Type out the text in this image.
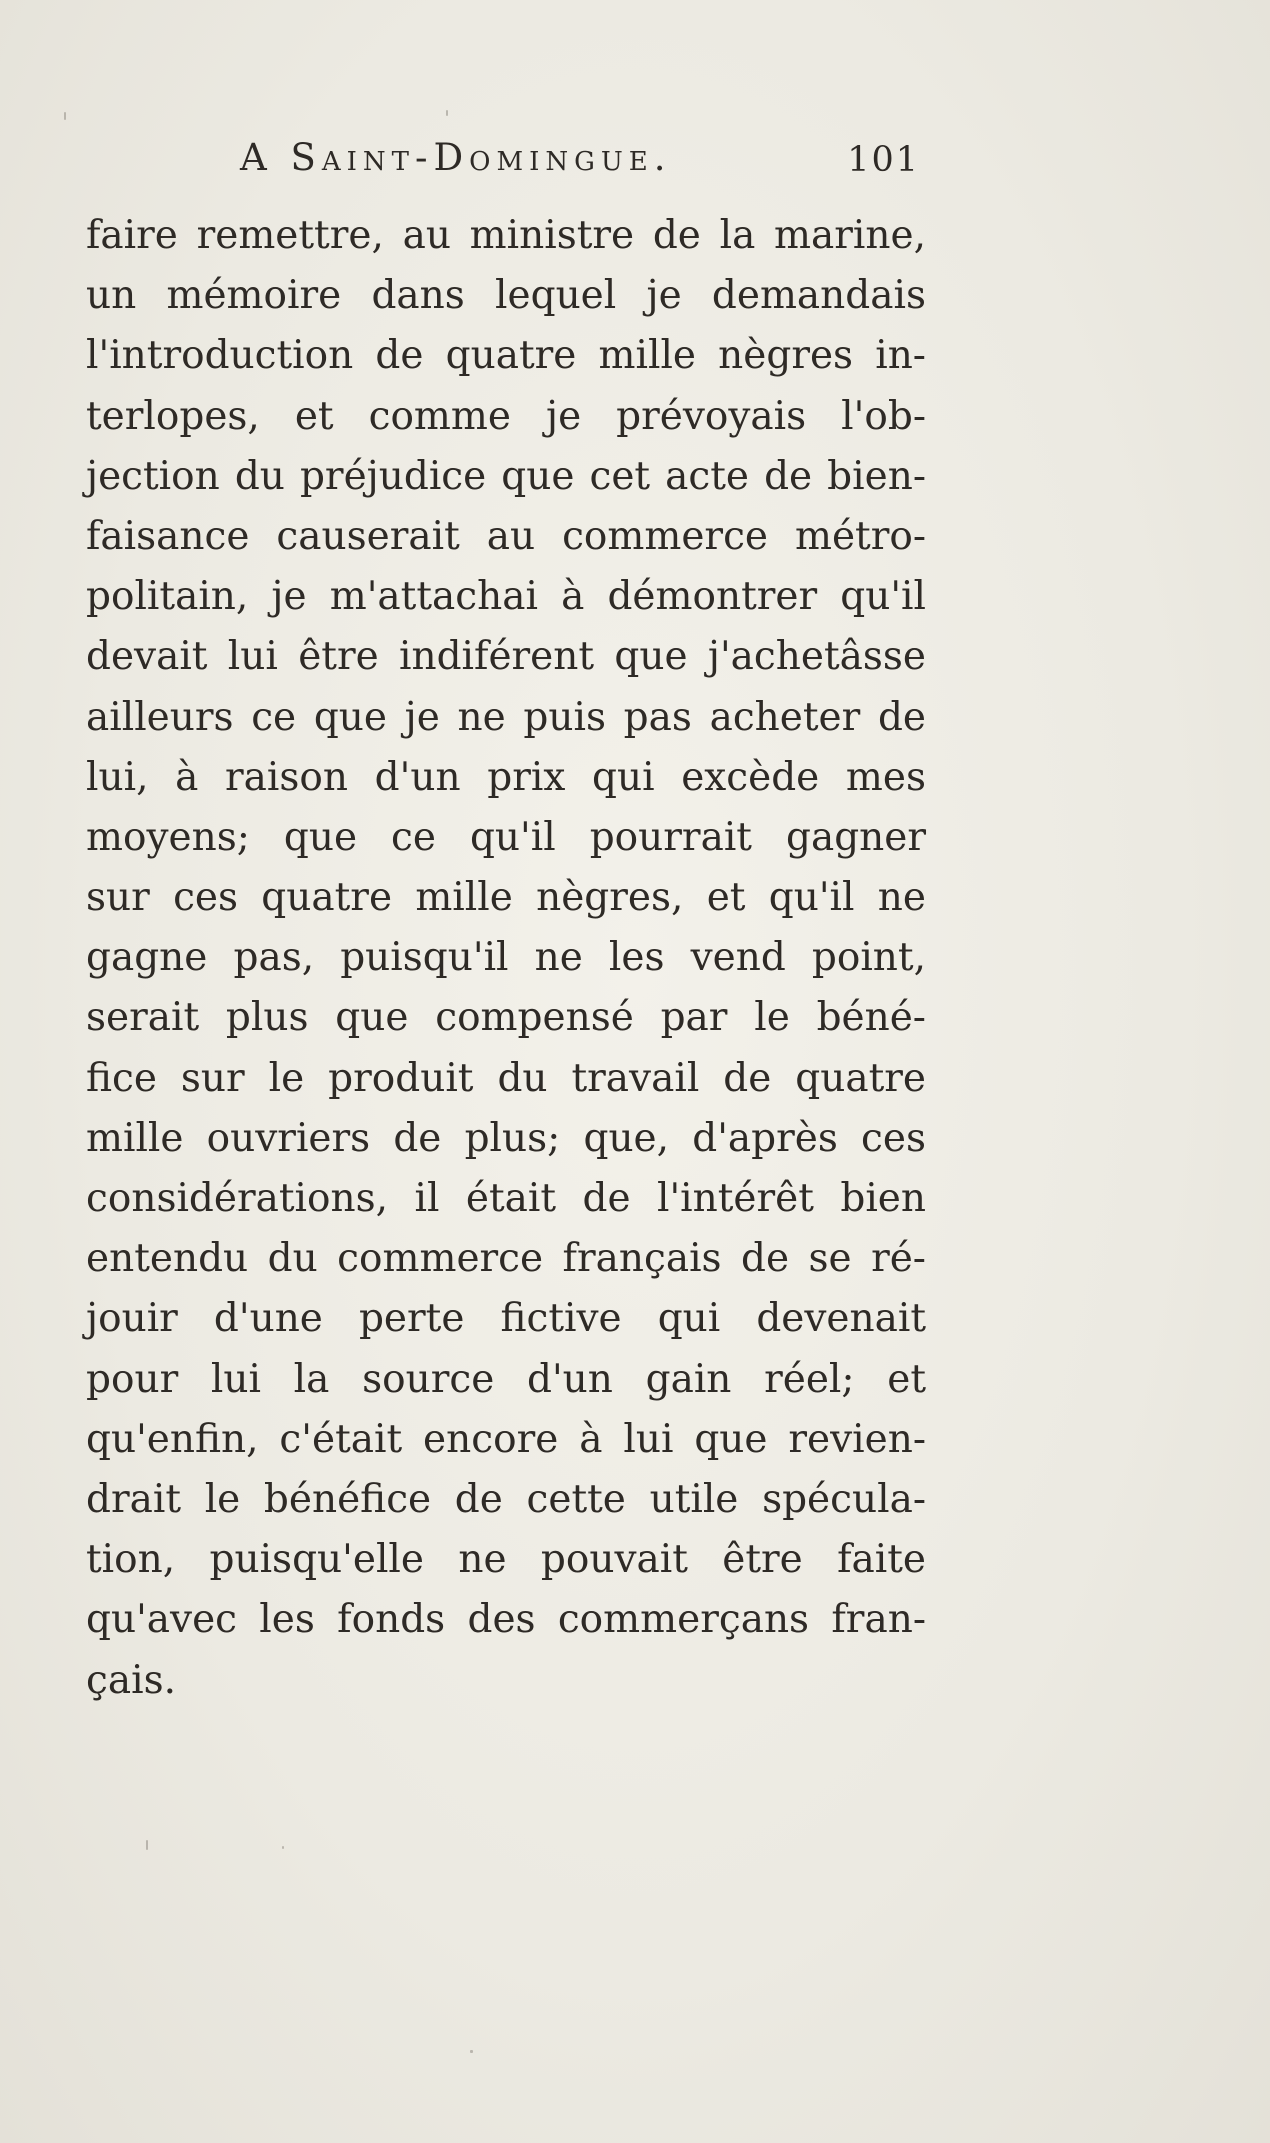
A Saint-Domingue.	101
faire remettre, au ministre de la marine,
un mémoire dans lequel je demandais
l'introduction de quatre mille nègres in-
terlopes, et comme je prévoyais l'ob-
jection du préjudice que cet acte de bien-
faisance causerait au commerce métro-
politain, je m'attachai à démontrer qu'il
devait lui être indiférent que j'achetâsse
ailleurs ce que je ne puis pas acheter de
lui, à raison d'un prix qui excède mes
moyens; que ce qu'il pourrait gagner
sur ces quatre mille nègres, et qu'il ne
gagne pas, puisqu'il ne les vend point,
serait plus que compensé par le béné-
fice sur le produit du travail de quatre
mille ouvriers de plus; que, d'après ces
considérations, il était de l'intérêt bien
entendu du commerce français de se ré-
jouir d'une perte fictive qui devenait
pour lui la source d'un gain réel; et
qu'enfin, c'était encore à lui que revien-
drait le bénéfice de cette utile spécula-
tion, puisqu'elle ne pouvait être faite
qu'avec les fonds des commerçans fran-
çais.
